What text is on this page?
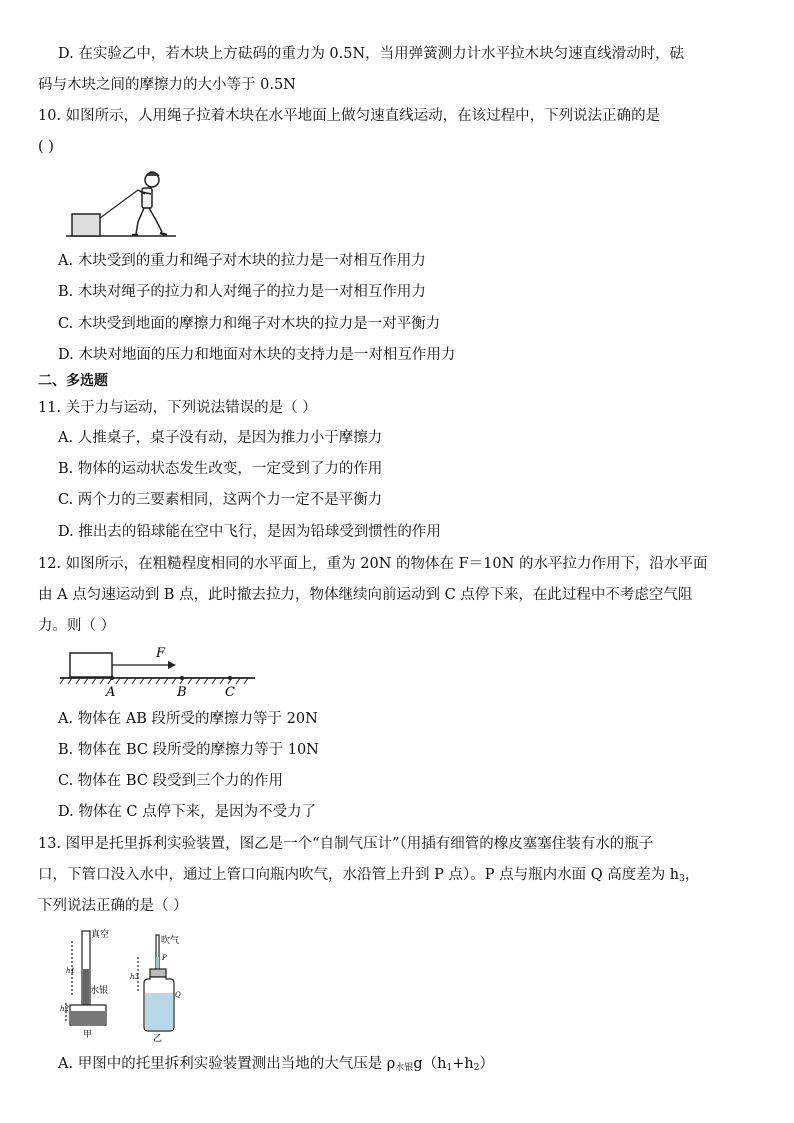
D. 在实验乙中，若木块上方砝码的重力为 0.5N，当用弹簧测力计水平拉木块匀速直线滑动时，砝
码与木块之间的摩擦力的大小等于 0.5N
10. 如图所示，人用绳子拉着木块在水平地面上做匀速直线运动，在该过程中，下列说法正确的是
( )
A. 木块受到的重力和绳子对木块的拉力是一对相互作用力
B. 木块对绳子的拉力和人对绳子的拉力是一对相互作用力
C. 木块受到地面的摩擦力和绳子对木块的拉力是一对平衡力
D. 木块对地面的压力和地面对木块的支持力是一对相互作用力
二、多选题
11. 关于力与运动，下列说法错误的是（ ）
A. 人推桌子，桌子没有动，是因为推力小于摩擦力
B. 物体的运动状态发生改变，一定受到了力的作用
C. 两个力的三要素相同，这两个力一定不是平衡力
D. 推出去的铅球能在空中飞行，是因为铅球受到惯性的作用
12. 如图所示，在粗糙程度相同的水平面上，重为 20N 的物体在 F＝10N 的水平拉力作用下，沿水平面
由 A 点匀速运动到 B 点，此时撤去拉力，物体继续向前运动到 C 点停下来，在此过程中不考虑空气阻
力。则（ ）
F
A	B	C
A. 物体在 AB 段所受的摩擦力等于 20N
B. 物体在 BC 段所受的摩擦力等于 10N
C. 物体在 BC 段受到三个力的作用
D. 物体在 C 点停下来，是因为不受力了
13. 图甲是托里拆利实验装置，图乙是一个“自制气压计”（用插有细管的橡皮塞塞住装有水的瓶子
口，下管口没入水中，通过上管口向瓶内吹气，水沿管上升到 P 点）。P 点与瓶内水面 Q 高度差为 $h_3$，
下列说法正确的是（ ）
真空
水银
h1
h2
甲
吹气
h3
P
Q
乙
A. 甲图中的托里拆利实验装置测出当地的大气压是 $\rho_{水银}g(h_1+h_2)$
